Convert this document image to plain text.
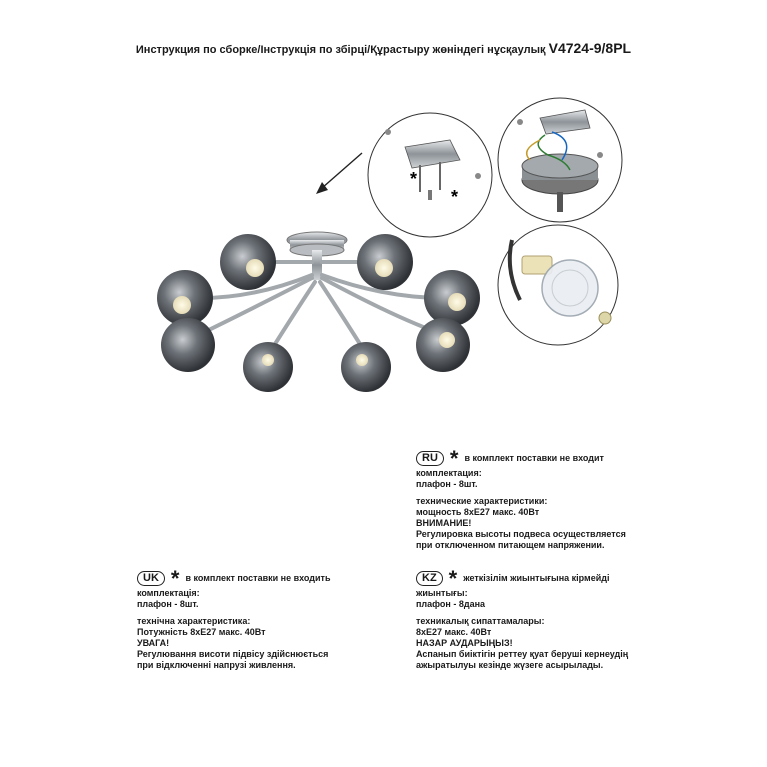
Инструкция по сборке/Інструкція по збірці/Құрастыру жөніндегі нұсқаулық V4724-9/8PL
*
*
RU * в комплект поставки не входит
комплектация:
плафон - 8шт.
технические характеристики:
мощность 8xE27 макс. 40Вт
ВНИМАНИЕ!
Регулировка высоты подвеса осуществляется
при отключенном питающем напряжении.
UK * в комплект поставки не входить
комплектація:
плафон - 8шт.
технічна характеристика:
Потужність 8xE27 макс. 40Вт
УВАГА!
Регулювання висоти підвісу здійснюється
при відключенні напрузі живлення.
KZ * жеткізілім жиынтығына кірмейді
жиынтығы:
плафон - 8дана
техникалық сипаттамалары:
8xE27 макс. 40Вт
НАЗАР АУДАРЫҢЫЗ!
Аспанып биіктігін реттеу қуат беруші кернеудің
ажыратылуы кезінде жүзеге асырылады.
